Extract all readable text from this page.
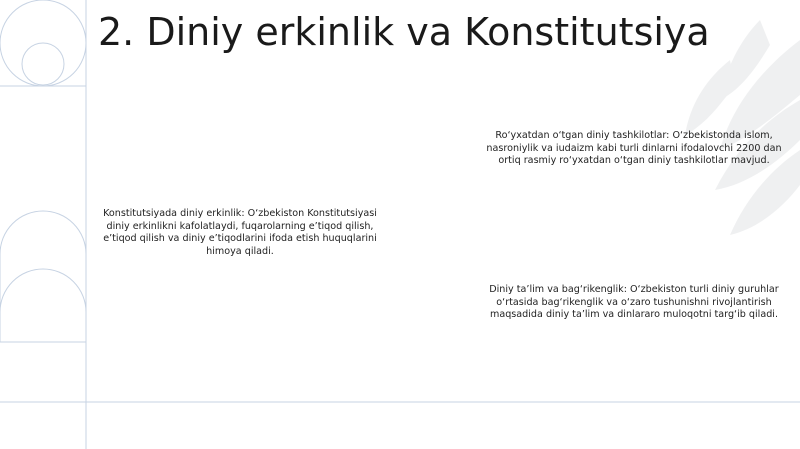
2. Diniy erkinlik va Konstitutsiya

Konstitutsiyada diniy erkinlik: O‘zbekiston Konstitutsiyasi diniy erkinlikni kafolatlaydi, fuqarolarning e’tiqod qilish, e’tiqod qilish va diniy e’tiqodlarini ifoda etish huquqlarini himoya qiladi.

Ro‘yxatdan o‘tgan diniy tashkilotlar: O‘zbekistonda islom, nasroniylik va iudaizm kabi turli dinlarni ifodalovchi 2200 dan ortiq rasmiy ro‘yxatdan o‘tgan diniy tashkilotlar mavjud.

Diniy ta’lim va bag‘rikenglik: O‘zbekiston turli diniy guruhlar o‘rtasida bag‘rikenglik va o‘zaro tushunishni rivojlantirish maqsadida diniy ta’lim va dinlararo muloqotni targ‘ib qiladi.
